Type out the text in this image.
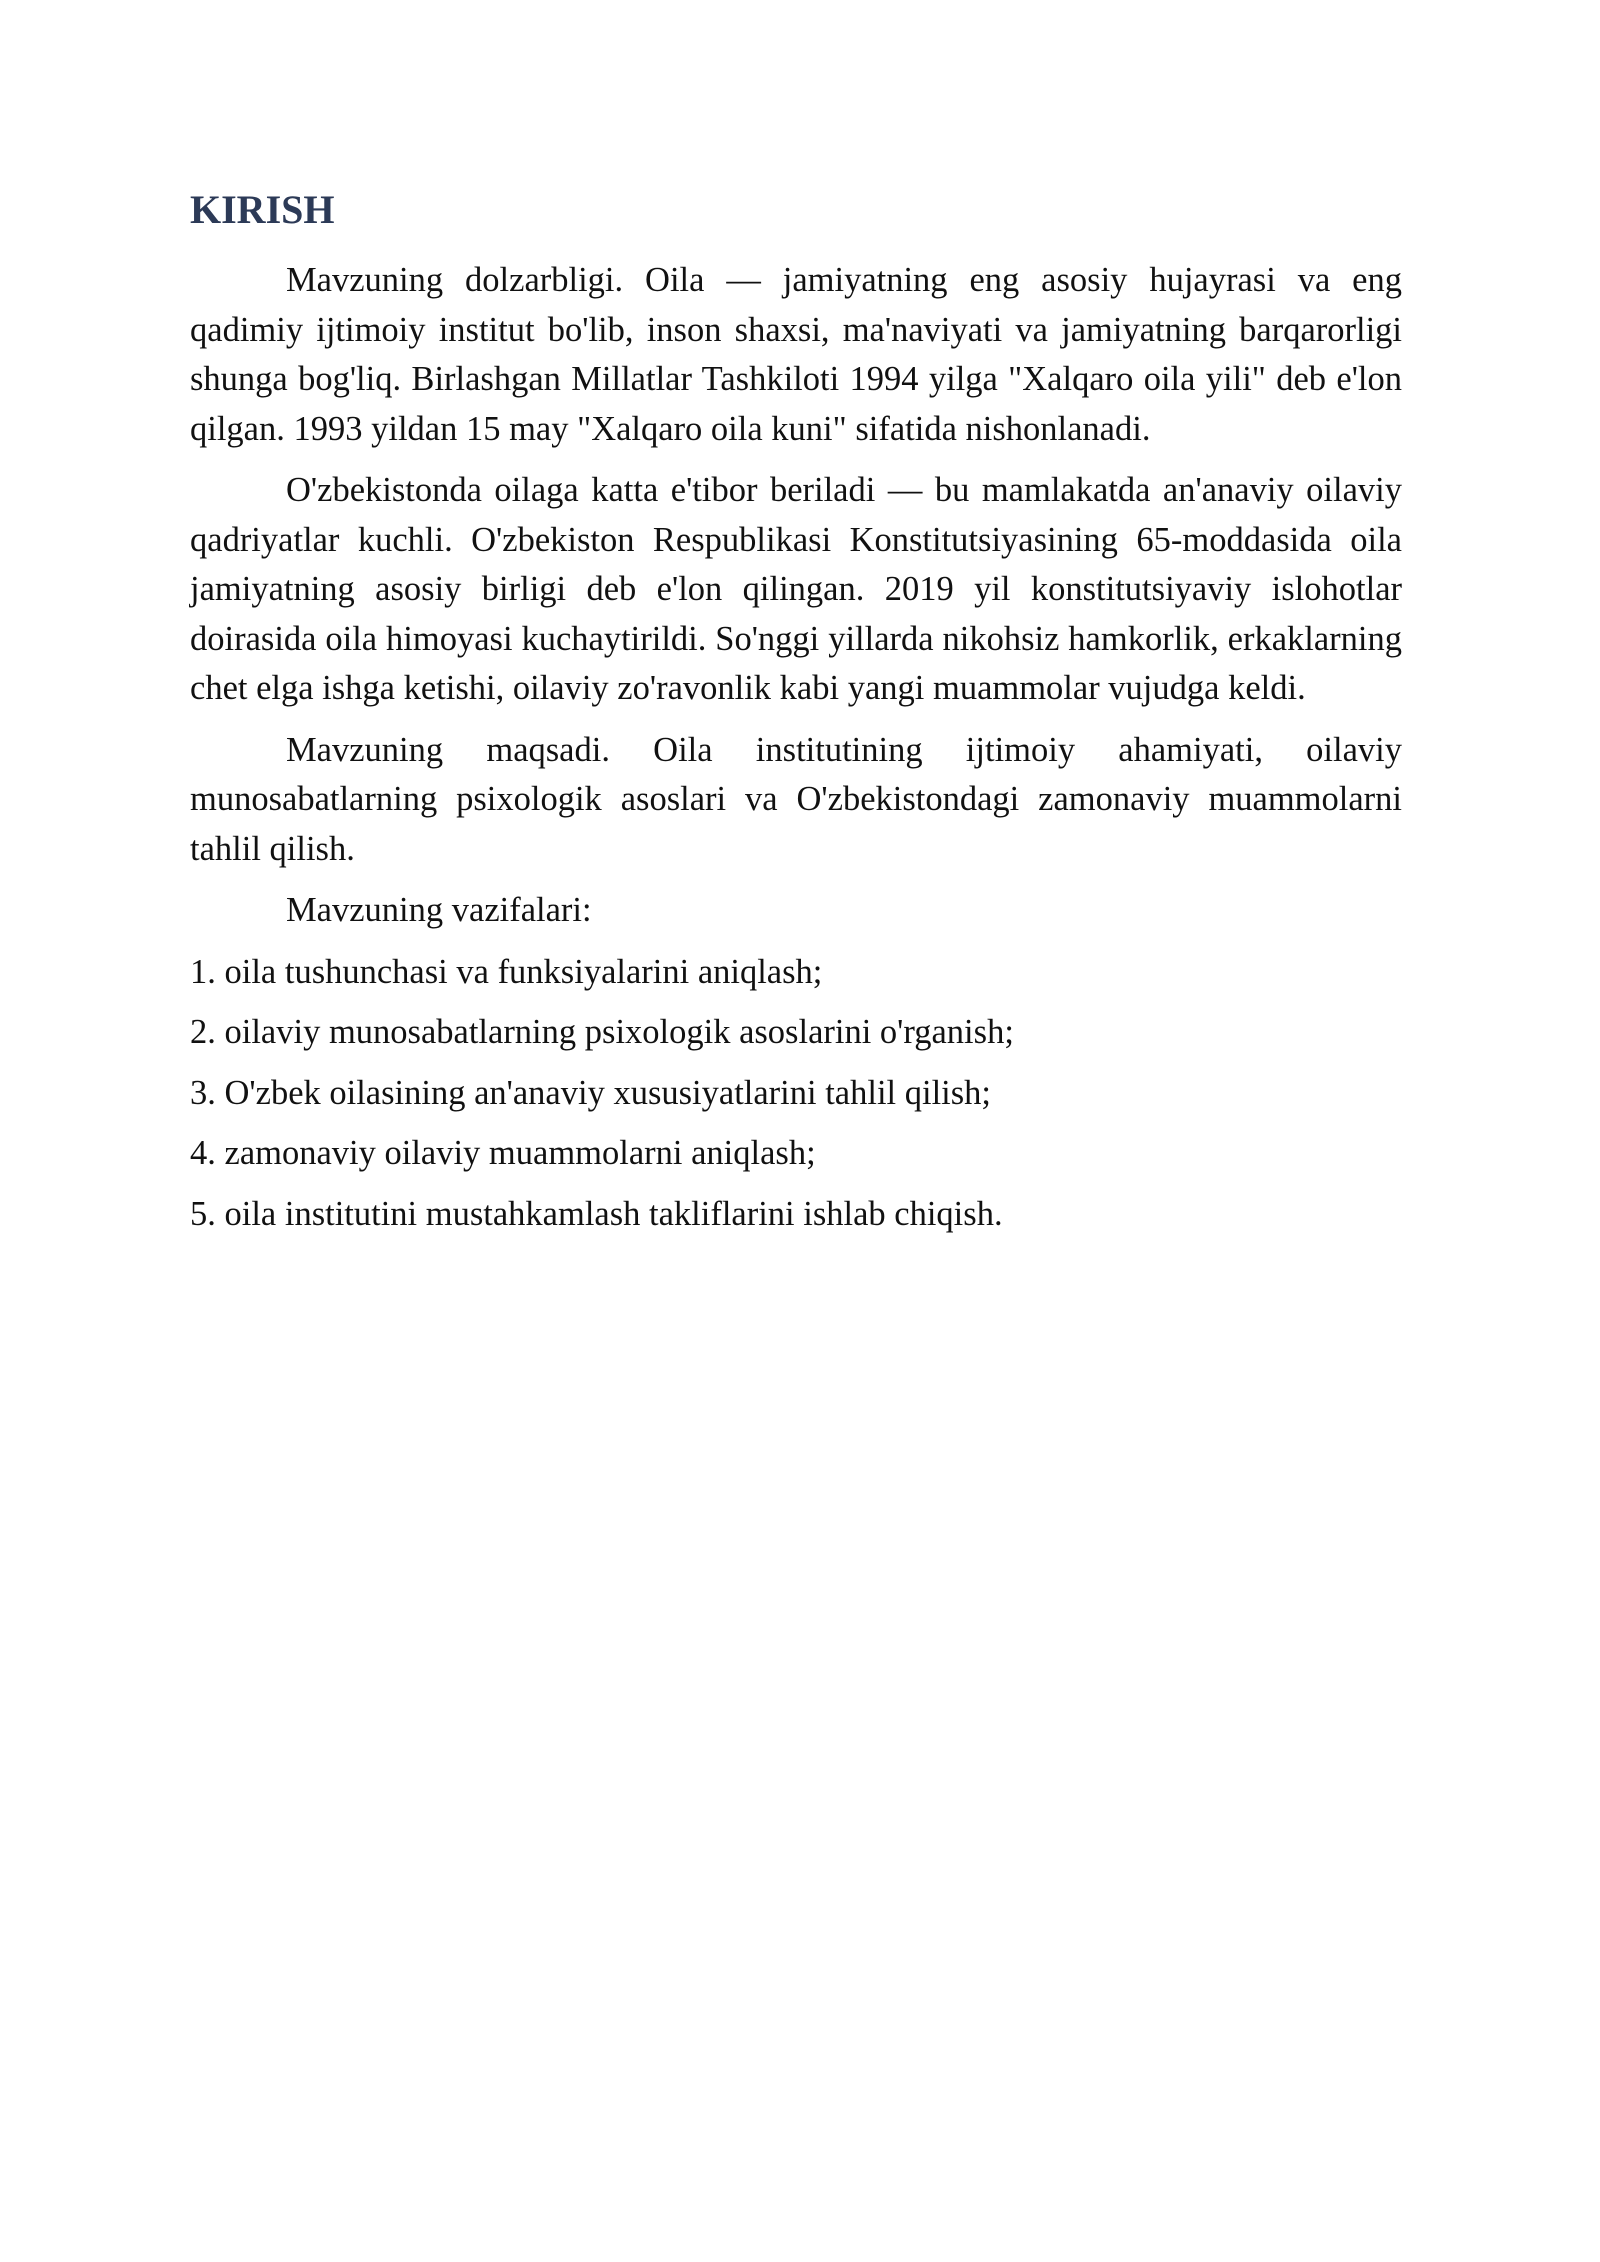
KIRISH

Mavzuning dolzarbligi. Oila — jamiyatning eng asosiy hujayrasi va eng qadimiy ijtimoiy institut bo'lib, inson shaxsi, ma'naviyati va jamiyatning barqarorligi shunga bog'liq. Birlashgan Millatlar Tashkiloti 1994 yilga "Xalqaro oila yili" deb e'lon qilgan. 1993 yildan 15 may "Xalqaro oila kuni" sifatida nishonlanadi.

O'zbekistonda oilaga katta e'tibor beriladi — bu mamlakatda an'anaviy oilaviy qadriyatlar kuchli. O'zbekiston Respublikasi Konstitutsiyasining 65-moddasida oila jamiyatning asosiy birligi deb e'lon qilingan. 2019 yil konstitutsiyaviy islohotlar doirasida oila himoyasi kuchaytirildi. So'nggi yillarda nikohsiz hamkorlik, erkaklarning chet elga ishga ketishi, oilaviy zo'ravonlik kabi yangi muammolar vujudga keldi.

Mavzuning maqsadi. Oila institutining ijtimoiy ahamiyati, oilaviy munosabatlarning psixologik asoslari va O'zbekistondagi zamonaviy muammolarni tahlil qilish.

Mavzuning vazifalari:

1. oila tushunchasi va funksiyalarini aniqlash;
2. oilaviy munosabatlarning psixologik asoslarini o'rganish;
3. O'zbek oilasining an'anaviy xususiyatlarini tahlil qilish;
4. zamonaviy oilaviy muammolarni aniqlash;
5. oila institutini mustahkamlash takliflarini ishlab chiqish.
